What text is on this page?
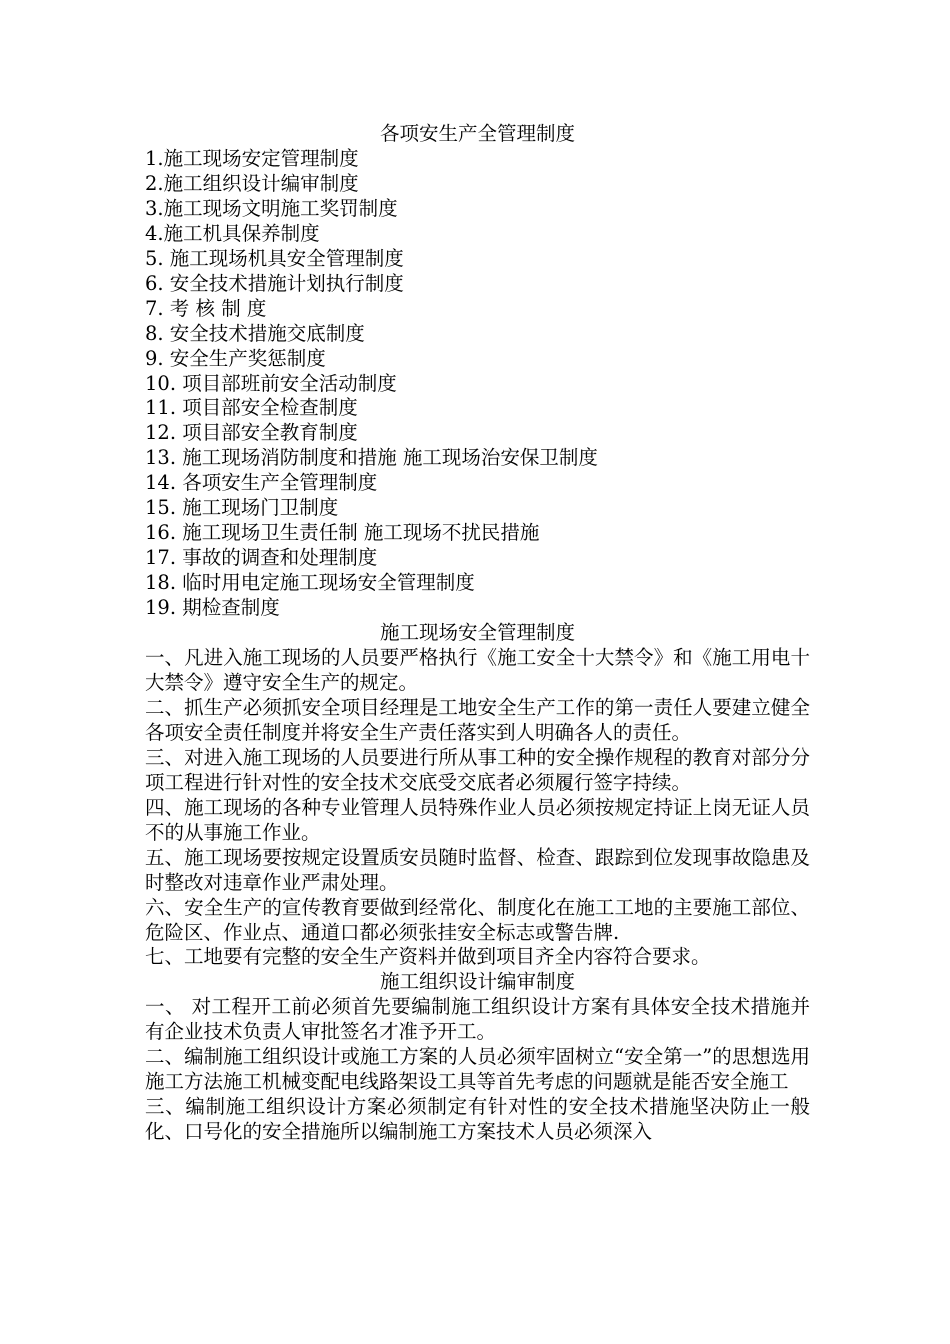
各项安生产全管理制度
1.施工现场安定管理制度
2.施工组织设计编审制度
3.施工现场文明施工奖罚制度
4.施工机具保养制度
5. 施工现场机具安全管理制度
6. 安全技术措施计划执行制度
7. 考 核 制 度
8. 安全技术措施交底制度
9. 安全生产奖惩制度
10. 项目部班前安全活动制度
11. 项目部安全检查制度
12. 项目部安全教育制度
13. 施工现场消防制度和措施 施工现场治安保卫制度
14. 各项安生产全管理制度
15. 施工现场门卫制度
16. 施工现场卫生责任制 施工现场不扰民措施
17. 事故的调查和处理制度
18. 临时用电定施工现场安全管理制度
19. 期检查制度
施工现场安全管理制度
一、凡进入施工现场的人员要严格执行《施工安全十大禁令》和《施工用电十大禁令》遵守安全生产的规定。
二、抓生产必须抓安全项目经理是工地安全生产工作的第一责任人要建立健全各项安全责任制度并将安全生产责任落实到人明确各人的责任。
三、对进入施工现场的人员要进行所从事工种的安全操作规程的教育对部分分项工程进行针对性的安全技术交底受交底者必须履行签字持续。
四、施工现场的各种专业管理人员特殊作业人员必须按规定持证上岗无证人员不的从事施工作业。
五、施工现场要按规定设置质安员随时监督、检查、跟踪到位发现事故隐患及时整改对违章作业严肃处理。
六、安全生产的宣传教育要做到经常化、制度化在施工工地的主要施工部位、危险区、作业点、通道口都必须张挂安全标志或警告牌.
七、工地要有完整的安全生产资料并做到项目齐全内容符合要求。
施工组织设计编审制度
一、 对工程开工前必须首先要编制施工组织设计方案有具体安全技术措施并有企业技术负责人审批签名才准予开工。
二、编制施工组织设计或施工方案的人员必须牢固树立“安全第一”的思想选用施工方法施工机械变配电线路架设工具等首先考虑的问题就是能否安全施工
三、编制施工组织设计方案必须制定有针对性的安全技术措施坚决防止一般化、口号化的安全措施所以编制施工方案技术人员必须深入
